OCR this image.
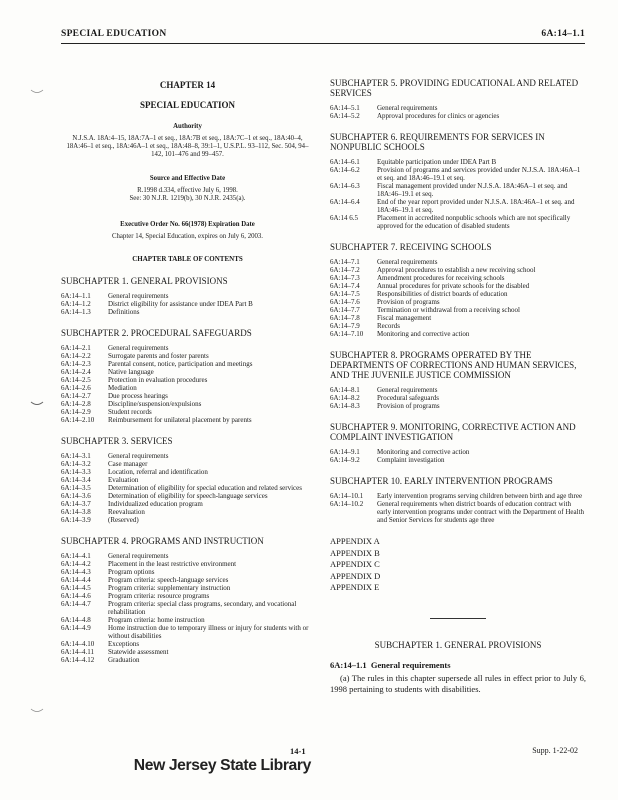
SPECIAL EDUCATION	6A:14–1.1
CHAPTER 14
SPECIAL EDUCATION
Authority
N.J.S.A. 18A:4–15, 18A:7A–1 et seq., 18A:7B et seq., 18A:7C–1 et seq., 18A:40–4, 18A:46–1 et seq., 18A:46A–1 et seq., 18A:48–8, 39:1–1, U.S.P.L. 93–112, Sec. 504, 94–142, 101–476 and 99–457.
Source and Effective Date
R.1998 d.334, effective July 6, 1998.
See: 30 N.J.R. 1219(b), 30 N.J.R. 2435(a).
Executive Order No. 66(1978) Expiration Date
Chapter 14, Special Education, expires on July 6, 2003.
CHAPTER TABLE OF CONTENTS
SUBCHAPTER 1. GENERAL PROVISIONS
6A:14–1.1	General requirements
6A:14–1.2	District eligibility for assistance under IDEA Part B
6A:14–1.3	Definitions
SUBCHAPTER 2. PROCEDURAL SAFEGUARDS
6A:14–2.1	General requirements
6A:14–2.2	Surrogate parents and foster parents
6A:14–2.3	Parental consent, notice, participation and meetings
6A:14–2.4	Native language
6A:14–2.5	Protection in evaluation procedures
6A:14–2.6	Mediation
6A:14–2.7	Due process hearings
6A:14–2.8	Discipline/suspension/expulsions
6A:14–2.9	Student records
6A:14–2.10	Reimbursement for unilateral placement by parents
SUBCHAPTER 3. SERVICES
6A:14–3.1	General requirements
6A:14–3.2	Case manager
6A:14–3.3	Location, referral and identification
6A:14–3.4	Evaluation
6A:14–3.5	Determination of eligibility for special education and related services
6A:14–3.6	Determination of eligibility for speech-language services
6A:14–3.7	Individualized education program
6A:14–3.8	Reevaluation
6A:14–3.9	(Reserved)
SUBCHAPTER 4. PROGRAMS AND INSTRUCTION
6A:14–4.1	General requirements
6A:14–4.2	Placement in the least restrictive environment
6A:14–4.3	Program options
6A:14–4.4	Program criteria: speech-language services
6A:14–4.5	Program criteria: supplementary instruction
6A:14–4.6	Program criteria: resource programs
6A:14–4.7	Program criteria: special class programs, secondary, and vocational rehabilitation
6A:14–4.8	Program criteria: home instruction
6A:14–4.9	Home instruction due to temporary illness or injury for students with or without disabilities
6A:14–4.10	Exceptions
6A:14–4.11	Statewide assessment
6A:14–4.12	Graduation
SUBCHAPTER 5. PROVIDING EDUCATIONAL AND RELATED SERVICES
6A:14–5.1	General requirements
6A:14–5.2	Approval procedures for clinics or agencies
SUBCHAPTER 6. REQUIREMENTS FOR SERVICES IN NONPUBLIC SCHOOLS
6A:14–6.1	Equitable participation under IDEA Part B
6A:14–6.2	Provision of programs and services provided under N.J.S.A. 18A:46A–1 et seq. and 18A:46–19.1 et seq.
6A:14–6.3	Fiscal management provided under N.J.S.A. 18A:46A–1 et seq. and 18A:46–19.1 et seq.
6A:14–6.4	End of the year report provided under N.J.S.A. 18A:46A–1 et seq. and 18A:46–19.1 et seq.
6A:14 6.5	Placement in accredited nonpublic schools which are not specifically approved for the education of disabled students
SUBCHAPTER 7. RECEIVING SCHOOLS
6A:14–7.1	General requirements
6A:14–7.2	Approval procedures to establish a new receiving school
6A:14–7.3	Amendment procedures for receiving schools
6A:14–7.4	Annual procedures for private schools for the disabled
6A:14–7.5	Responsibilities of district boards of education
6A:14–7.6	Provision of programs
6A:14–7.7	Termination or withdrawal from a receiving school
6A:14–7.8	Fiscal management
6A:14–7.9	Records
6A:14–7.10	Monitoring and corrective action
SUBCHAPTER 8. PROGRAMS OPERATED BY THE DEPARTMENTS OF CORRECTIONS AND HUMAN SERVICES, AND THE JUVENILE JUSTICE COMMISSION
6A:14–8.1	General requirements
6A:14–8.2	Procedural safeguards
6A:14–8.3	Provision of programs
SUBCHAPTER 9. MONITORING, CORRECTIVE ACTION AND COMPLAINT INVESTIGATION
6A:14–9.1	Monitoring and corrective action
6A:14–9.2	Complaint investigation
SUBCHAPTER 10. EARLY INTERVENTION PROGRAMS
6A:14–10.1	Early intervention programs serving children between birth and age three
6A:14–10.2	General requirements when district boards of education contract with early intervention programs under contract with the Department of Health and Senior Services for students age three
APPENDIX A
APPENDIX B
APPENDIX C
APPENDIX D
APPENDIX E
SUBCHAPTER 1. GENERAL PROVISIONS
6A:14–1.1 General requirements
(a) The rules in this chapter supersede all rules in effect prior to July 6, 1998 pertaining to students with disabilities.
14-1	Supp. 1-22-02
New Jersey State Library
